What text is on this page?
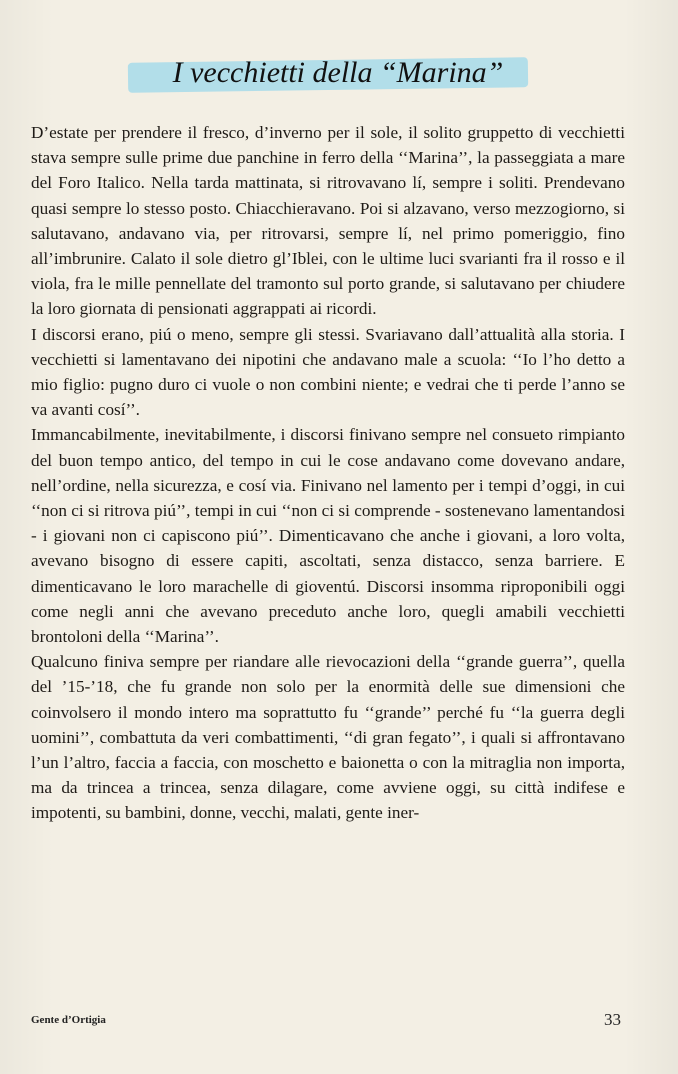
I vecchietti della “Marina”

D’estate per prendere il fresco, d’inverno per il sole, il solito gruppetto di vecchietti stava sempre sulle prime due panchine in ferro della ‘‘Marina’’, la passeggiata a mare del Foro Italico. Nella tarda mattinata, si ritrovavano lí, sempre i soliti. Prendevano quasi sempre lo stesso posto. Chiacchieravano. Poi si alzavano, verso mezzogiorno, si salutavano, andavano via, per ritrovarsi, sempre lí, nel primo pomeriggio, fino all’imbrunire. Calato il sole dietro gl’Iblei, con le ultime luci svarianti fra il rosso e il viola, fra le mille pennellate del tramonto sul porto grande, si salutavano per chiudere la loro giornata di pensionati aggrappati ai ricordi.

I discorsi erano, piú o meno, sempre gli stessi. Svariavano dall’attualità alla storia. I vecchietti si lamentavano dei nipotini che andavano male a scuola: ‘‘Io l’ho detto a mio figlio: pugno duro ci vuole o non combini niente; e vedrai che ti perde l’anno se va avanti cosí’’.

Immancabilmente, inevitabilmente, i discorsi finivano sempre nel consueto rimpianto del buon tempo antico, del tempo in cui le cose andavano come dovevano andare, nell’ordine, nella sicurezza, e cosí via. Finivano nel lamento per i tempi d’oggi, in cui ‘‘non ci si ritrova piú’’, tempi in cui ‘‘non ci si comprende - sostenevano lamentandosi - i giovani non ci capiscono piú’’. Dimenticavano che anche i giovani, a loro volta, avevano bisogno di essere capiti, ascoltati, senza distacco, senza barriere. E dimenticavano le loro marachelle di gioventú. Discorsi insomma riproponibili oggi come negli anni che avevano preceduto anche loro, quegli amabili vecchietti brontoloni della ‘‘Marina’’.

Qualcuno finiva sempre per riandare alle rievocazioni della ‘‘grande guerra’’, quella del ’15-’18, che fu grande non solo per la enormità delle sue dimensioni che coinvolsero il mondo intero ma soprattutto fu ‘‘grande’’ perché fu ‘‘la guerra degli uomini’’, combattuta da veri combattimenti, ‘‘di gran fegato’’, i quali si affrontavano l’un l’altro, faccia a faccia, con moschetto e baionetta o con la mitraglia non importa, ma da trincea a trincea, senza dilagare, come avviene oggi, su città indifese e impotenti, su bambini, donne, vecchi, malati, gente iner-

Gente d’Ortigia	33
